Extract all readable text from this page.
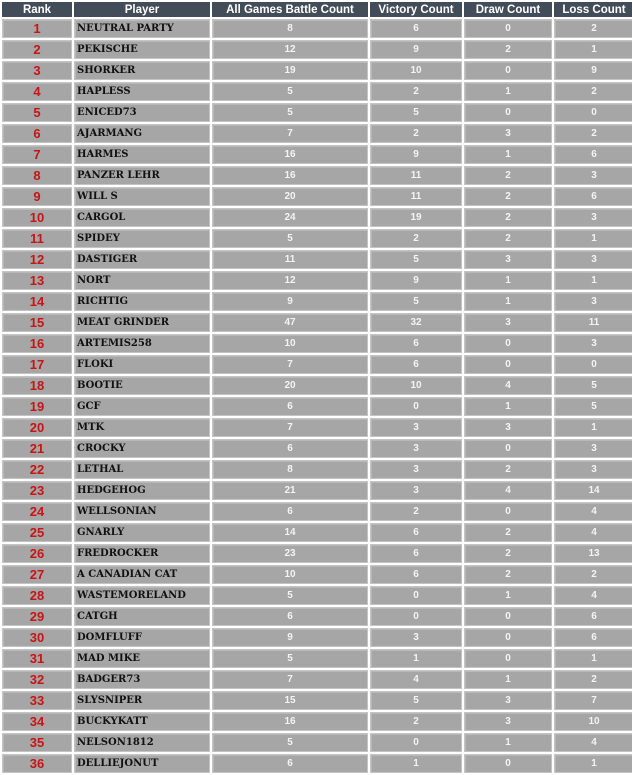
Rank	Player	All Games Battle Count	Victory Count	Draw Count	Loss Count
1	NEUTRAL PARTY	8	6	0	2
2	PEKISCHE	12	9	2	1
3	SHORKER	19	10	0	9
4	HAPLESS	5	2	1	2
5	ENICED73	5	5	0	0
6	AJARMANG	7	2	3	2
7	HARMES	16	9	1	6
8	PANZER LEHR	16	11	2	3
9	WILL S	20	11	2	6
10	CARGOL	24	19	2	3
11	SPIDEY	5	2	2	1
12	DASTIGER	11	5	3	3
13	NORT	12	9	1	1
14	RICHTIG	9	5	1	3
15	MEAT GRINDER	47	32	3	11
16	ARTEMIS258	10	6	0	3
17	FLOKI	7	6	0	0
18	BOOTIE	20	10	4	5
19	GCF	6	0	1	5
20	MTK	7	3	3	1
21	CROCKY	6	3	0	3
22	LETHAL	8	3	2	3
23	HEDGEHOG	21	3	4	14
24	WELLSONIAN	6	2	0	4
25	GNARLY	14	6	2	4
26	FREDROCKER	23	6	2	13
27	A CANADIAN CAT	10	6	2	2
28	WASTEMORELAND	5	0	1	4
29	CATGH	6	0	0	6
30	DOMFLUFF	9	3	0	6
31	MAD MIKE	5	1	0	1
32	BADGER73	7	4	1	2
33	SLYSNIPER	15	5	3	7
34	BUCKYKATT	16	2	3	10
35	NELSON1812	5	0	1	4
36	DELLIEJONUT	6	1	0	1
